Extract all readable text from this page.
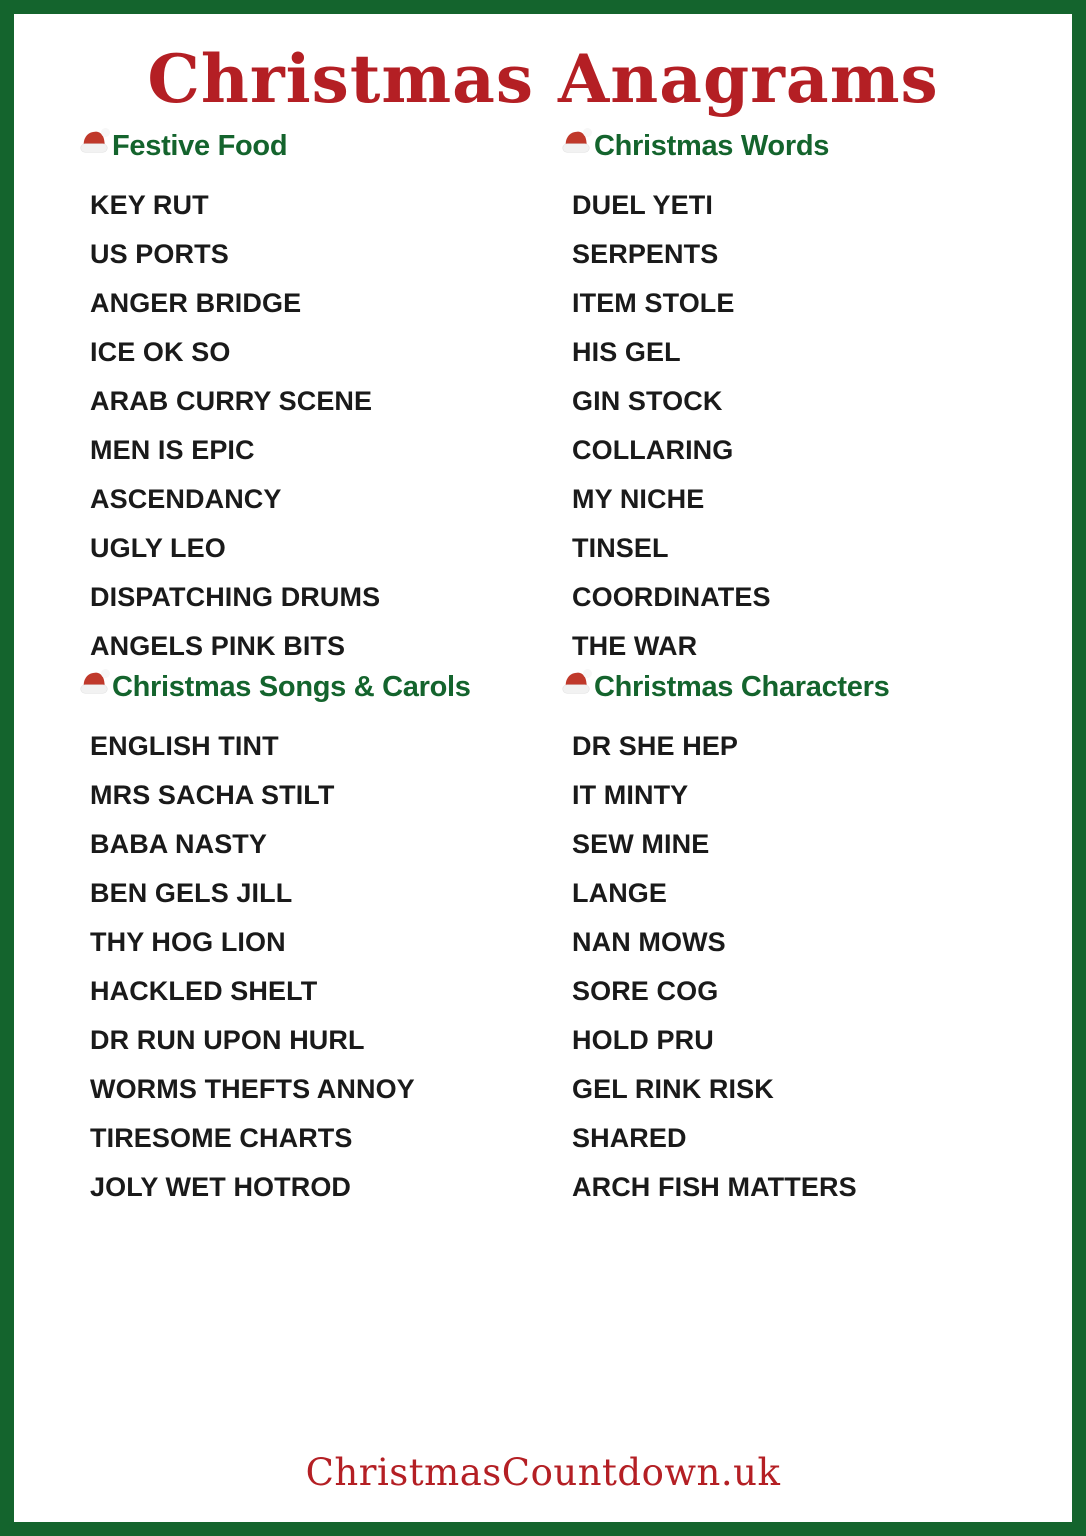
Christmas Anagrams
Festive Food
KEY RUT
US PORTS
ANGER BRIDGE
ICE OK SO
ARAB CURRY SCENE
MEN IS EPIC
ASCENDANCY
UGLY LEO
DISPATCHING DRUMS
ANGELS PINK BITS
Christmas Words
DUEL YETI
SERPENTS
ITEM STOLE
HIS GEL
GIN STOCK
COLLARING
MY NICHE
TINSEL
COORDINATES
THE WAR
Christmas Songs & Carols
ENGLISH TINT
MRS SACHA STILT
BABA NASTY
BEN GELS JILL
THY HOG LION
HACKLED SHELT
DR RUN UPON HURL
WORMS THEFTS ANNOY
TIRESOME CHARTS
JOLY WET HOTROD
Christmas Characters
DR SHE HEP
IT MINTY
SEW MINE
LANGE
NAN MOWS
SORE COG
HOLD PRU
GEL RINK RISK
SHARED
ARCH FISH MATTERS
ChristmasCountdown.uk
